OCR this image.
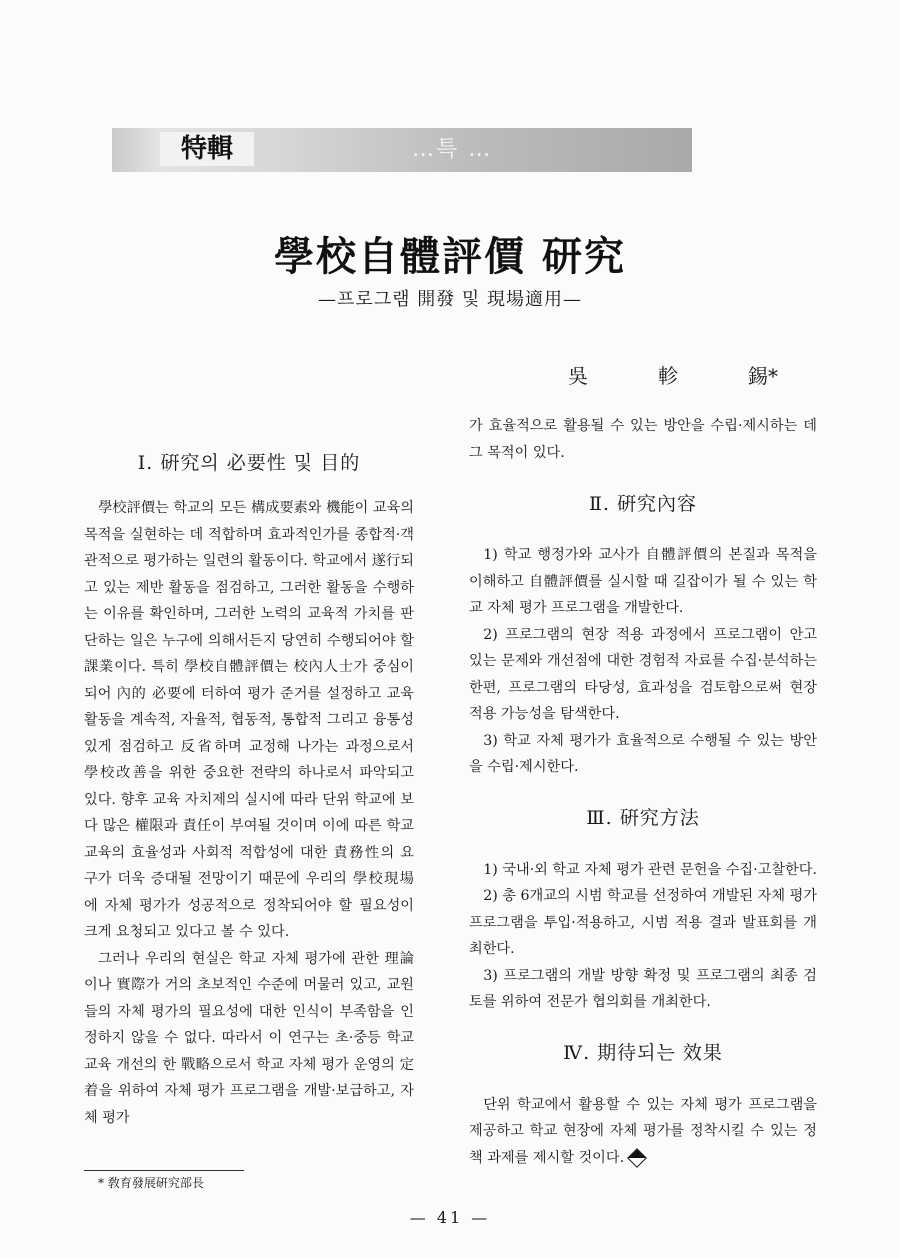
特輯	…특 …
學校自體評價 研究
—프로그램 開發 및 現場適用—
吳	軫	錫*
Ⅰ. 硏究의 必要性 및 目的

學校評價는 학교의 모든 構成要素와 機能이 교육의 목적을 실현하는 데 적합하며 효과적인가를 종합적·객관적으로 평가하는 일련의 활동이다. 학교에서 遂行되고 있는 제반 활동을 점검하고, 그러한 활동을 수행하는 이유를 확인하며, 그러한 노력의 교육적 가치를 판단하는 일은 누구에 의해서든지 당연히 수행되어야 할 課業이다. 특히 學校自體評價는 校內人士가 중심이 되어 內的 必要에 터하여 평가 준거를 설정하고 교육 활동을 계속적, 자율적, 협동적, 통합적 그리고 융통성 있게 점검하고 反省하며 교정해 나가는 과정으로서 學校改善을 위한 중요한 전략의 하나로서 파악되고 있다. 향후 교육 자치제의 실시에 따라 단위 학교에 보다 많은 權限과 責任이 부여될 것이며 이에 따른 학교 교육의 효율성과 사회적 적합성에 대한 責務性의 요구가 더욱 증대될 전망이기 때문에 우리의 學校現場에 자체 평가가 성공적으로 정착되어야 할 필요성이 크게 요청되고 있다고 볼 수 있다.

그러나 우리의 현실은 학교 자체 평가에 관한 理論이나 實際가 거의 초보적인 수준에 머물러 있고, 교원들의 자체 평가의 필요성에 대한 인식이 부족함을 인정하지 않을 수 없다. 따라서 이 연구는 초·중등 학교 교육 개선의 한 戰略으로서 학교 자체 평가 운영의 定着을 위하여 자체 평가 프로그램을 개발·보급하고, 자체 평가

가 효율적으로 활용될 수 있는 방안을 수립·제시하는 데 그 목적이 있다.

Ⅱ. 硏究內容

1) 학교 행정가와 교사가 自體評價의 본질과 목적을 이해하고 自體評價를 실시할 때 길잡이가 될 수 있는 학교 자체 평가 프로그램을 개발한다.

2) 프로그램의 현장 적용 과정에서 프로그램이 안고 있는 문제와 개선점에 대한 경험적 자료를 수집·분석하는 한편, 프로그램의 타당성, 효과성을 검토함으로써 현장 적용 가능성을 탐색한다.

3) 학교 자체 평가가 효율적으로 수행될 수 있는 방안을 수립·제시한다.

Ⅲ. 硏究方法

1) 국내·외 학교 자체 평가 관련 문헌을 수집·고찰한다.

2) 총 6개교의 시범 학교를 선정하여 개발된 자체 평가 프로그램을 투입·적용하고, 시범 적용 결과 발표회를 개최한다.

3) 프로그램의 개발 방향 확정 및 프로그램의 최종 검토를 위하여 전문가 협의회를 개최한다.

Ⅳ. 期待되는 效果

단위 학교에서 활용할 수 있는 자체 평가 프로그램을 제공하고 학교 현장에 자체 평가를 정착시킬 수 있는 정책 과제를 제시할 것이다.

* 敎育發展硏究部長
— 41 —
